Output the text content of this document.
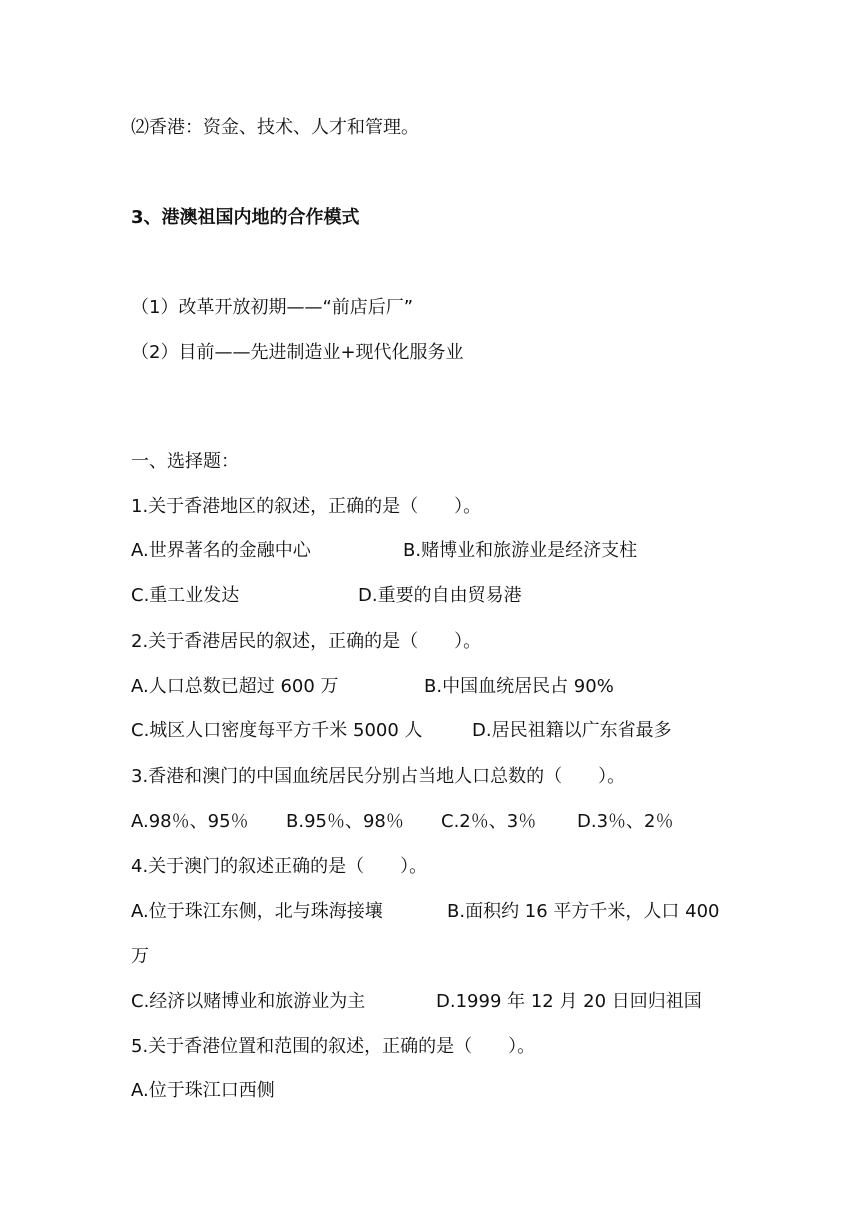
⑵香港：资金、技术、人才和管理。
3、港澳祖国内地的合作模式
（1）改革开放初期——“前店后厂”
（2）目前——先进制造业+现代化服务业
一、选择题：
1.关于香港地区的叙述，正确的是（　　）。
A.世界著名的金融中心	B.赌博业和旅游业是经济支柱
C.重工业发达	D.重要的自由贸易港
2.关于香港居民的叙述，正确的是（　　）。
A.人口总数已超过 600 万	B.中国血统居民占 90%
C.城区人口密度每平方千米 5000 人	D.居民祖籍以广东省最多
3.香港和澳门的中国血统居民分别占当地人口总数的（　　）。
A.98％、95％ B.95％、98％ C.2％、3％ D.3％、2％
4.关于澳门的叙述正确的是（　　）。
A.位于珠江东侧，北与珠海接壤	B.面积约 16 平方千米，人口 400
万
C.经济以赌博业和旅游业为主	D.1999 年 12 月 20 日回归祖国
5.关于香港位置和范围的叙述，正确的是（　　）。
A.位于珠江口西侧
